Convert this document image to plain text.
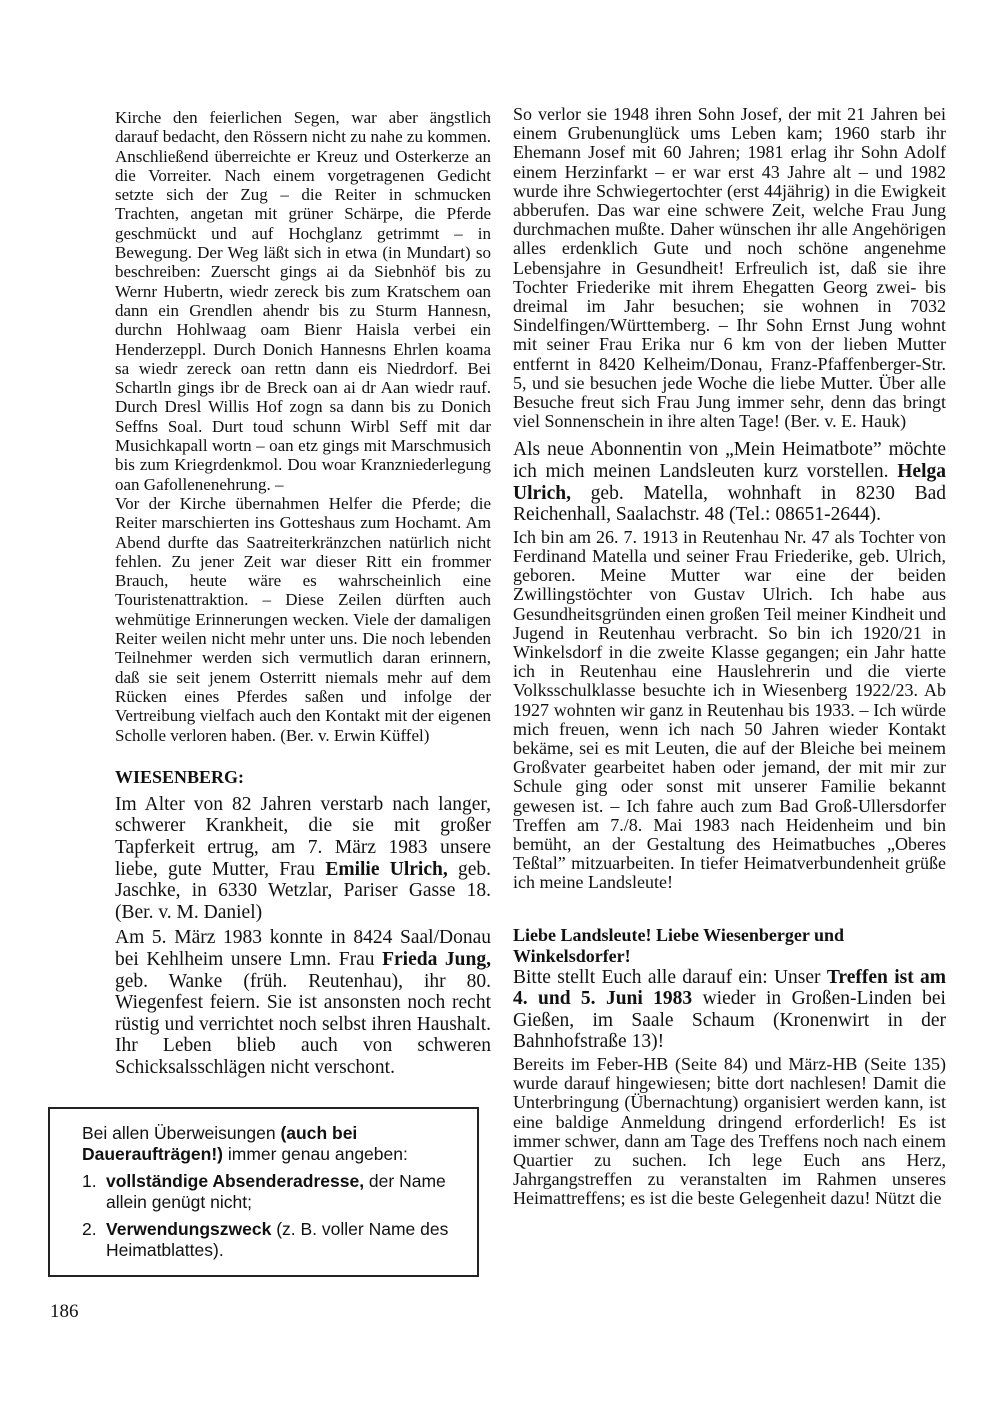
Kirche den feierlichen Segen, war aber ängstlich darauf bedacht, den Rössern nicht zu nahe zu kommen. Anschließend überreichte er Kreuz und Osterkerze an die Vorreiter. Nach einem vorgetragenen Gedicht setzte sich der Zug – die Reiter in schmucken Trachten, angetan mit grüner Schärpe, die Pferde geschmückt und auf Hochglanz getrimmt – in Bewegung. Der Weg läßt sich in etwa (in Mundart) so beschreiben: Zuerscht gings ai da Siebnhöf bis zu Wernr Hubertn, wiedr zereck bis zum Kratschem oan dann ein Grendlen ahendr bis zu Sturm Hannesn, durchn Hohlwaag oam Bienr Haisla verbei ein Henderzeppl. Durch Donich Hannesns Ehrlen koama sa wiedr zereck oan rettn dann eis Niedrdorf. Bei Schartln gings ibr de Breck oan ai dr Aan wiedr rauf. Durch Dresl Willis Hof zogn sa dann bis zu Donich Seffns Soal. Durt toud schunn Wirbl Seff mit dar Musichkapall wortn – oan etz gings mit Marschmusich bis zum Kriegrdenkmol. Dou woar Kranzniederlegung oan Gafollenenehrung. –

Vor der Kirche übernahmen Helfer die Pferde; die Reiter marschierten ins Gotteshaus zum Hochamt. Am Abend durfte das Saatreiterkränzchen natürlich nicht fehlen. Zu jener Zeit war dieser Ritt ein frommer Brauch, heute wäre es wahrscheinlich eine Touristenattraktion. – Diese Zeilen dürften auch wehmütige Erinnerungen wecken. Viele der damaligen Reiter weilen nicht mehr unter uns. Die noch lebenden Teilnehmer werden sich vermutlich daran erinnern, daß sie seit jenem Osterritt niemals mehr auf dem Rücken eines Pferdes saßen und infolge der Vertreibung vielfach auch den Kontakt mit der eigenen Scholle verloren haben. (Ber. v. Erwin Küffel)

WIESENBERG:

Im Alter von 82 Jahren verstarb nach langer, schwerer Krankheit, die sie mit großer Tapferkeit ertrug, am 7. März 1983 unsere liebe, gute Mutter, Frau Emilie Ulrich, geb. Jaschke, in 6330 Wetzlar, Pariser Gasse 18. (Ber. v. M. Daniel)

Am 5. März 1983 konnte in 8424 Saal/Donau bei Kehlheim unsere Lmn. Frau Frieda Jung, geb. Wanke (früh. Reutenhau), ihr 80. Wiegenfest feiern. Sie ist ansonsten noch recht rüstig und verrichtet noch selbst ihren Haushalt. Ihr Leben blieb auch von schweren Schicksalsschlägen nicht verschont.

Bei allen Überweisungen (auch bei Daueraufträgen!) immer genau angeben:

1. vollständige Absenderadresse, der Name allein genügt nicht;
2. Verwendungszweck (z. B. voller Name des Heimatblattes).
186

So verlor sie 1948 ihren Sohn Josef, der mit 21 Jahren bei einem Grubenunglück ums Leben kam; 1960 starb ihr Ehemann Josef mit 60 Jahren; 1981 erlag ihr Sohn Adolf einem Herzinfarkt – er war erst 43 Jahre alt – und 1982 wurde ihre Schwiegertochter (erst 44jährig) in die Ewigkeit abberufen. Das war eine schwere Zeit, welche Frau Jung durchmachen mußte. Daher wünschen ihr alle Angehörigen alles erdenklich Gute und noch schöne angenehme Lebensjahre in Gesundheit! Erfreulich ist, daß sie ihre Tochter Friederike mit ihrem Ehegatten Georg zwei- bis dreimal im Jahr besuchen; sie wohnen in 7032 Sindelfingen/Württemberg. – Ihr Sohn Ernst Jung wohnt mit seiner Frau Erika nur 6 km von der lieben Mutter entfernt in 8420 Kelheim/Donau, Franz-Pfaffenberger-Str. 5, und sie besuchen jede Woche die liebe Mutter. Über alle Besuche freut sich Frau Jung immer sehr, denn das bringt viel Sonnenschein in ihre alten Tage! (Ber. v. E. Hauk)

Als neue Abonnentin von „Mein Heimatbote” möchte ich mich meinen Landsleuten kurz vorstellen. Helga Ulrich, geb. Matella, wohnhaft in 8230 Bad Reichenhall, Saalachstr. 48 (Tel.: 08651-2644).

Ich bin am 26. 7. 1913 in Reutenhau Nr. 47 als Tochter von Ferdinand Matella und seiner Frau Friederike, geb. Ulrich, geboren. Meine Mutter war eine der beiden Zwillingstöchter von Gustav Ulrich. Ich habe aus Gesundheitsgründen einen großen Teil meiner Kindheit und Jugend in Reutenhau verbracht. So bin ich 1920/21 in Winkelsdorf in die zweite Klasse gegangen; ein Jahr hatte ich in Reutenhau eine Hauslehrerin und die vierte Volksschulklasse besuchte ich in Wiesenberg 1922/23. Ab 1927 wohnten wir ganz in Reutenhau bis 1933. – Ich würde mich freuen, wenn ich nach 50 Jahren wieder Kontakt bekäme, sei es mit Leuten, die auf der Bleiche bei meinem Großvater gearbeitet haben oder jemand, der mit mir zur Schule ging oder sonst mit unserer Familie bekannt gewesen ist. – Ich fahre auch zum Bad Groß-Ullersdorfer Treffen am 7./8. Mai 1983 nach Heidenheim und bin bemüht, an der Gestaltung des Heimatbuches „Oberes Teßtal” mitzuarbeiten. In tiefer Heimatverbundenheit grüße ich meine Landsleute!

Liebe Landsleute! Liebe Wiesenberger und Winkelsdorfer!

Bitte stellt Euch alle darauf ein: Unser Treffen ist am 4. und 5. Juni 1983 wieder in Großen-Linden bei Gießen, im Saale Schaum (Kronenwirt in der Bahnhofstraße 13)!

Bereits im Feber-HB (Seite 84) und März-HB (Seite 135) wurde darauf hingewiesen; bitte dort nachlesen! Damit die Unterbringung (Übernachtung) organisiert werden kann, ist eine baldige Anmeldung dringend erforderlich! Es ist immer schwer, dann am Tage des Treffens noch nach einem Quartier zu suchen. Ich lege Euch ans Herz, Jahrgangstreffen zu veranstalten im Rahmen unseres Heimattreffens; es ist die beste Gelegenheit dazu! Nützt die
